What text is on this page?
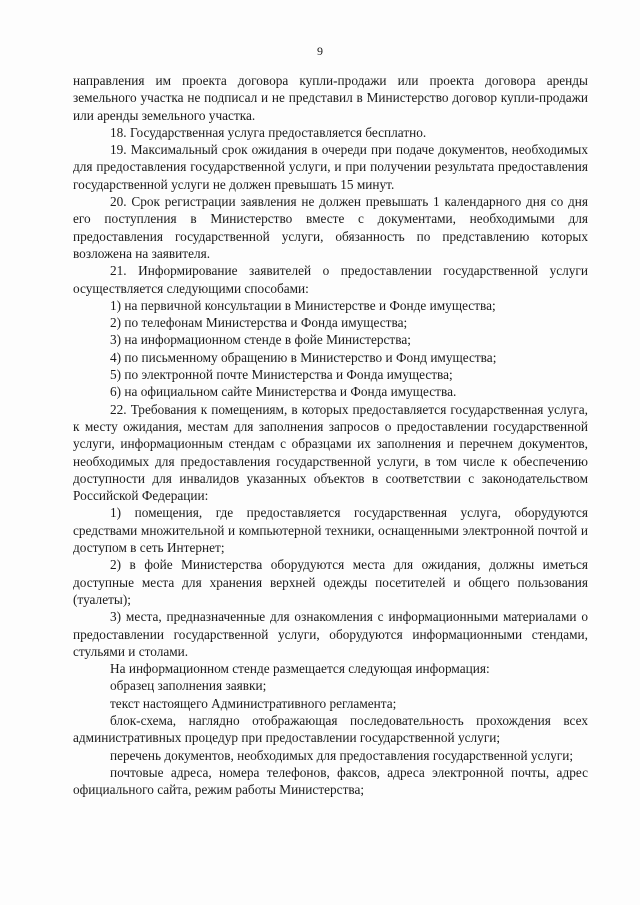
9

направления им проекта договора купли-продажи или проекта договора аренды земельного участка не подписал и не представил в Министерство договор купли-продажи или аренды земельного участка.

18. Государственная услуга предоставляется бесплатно.

19. Максимальный срок ожидания в очереди при подаче документов, необходимых для предоставления государственной услуги, и при получении результата предоставления государственной услуги не должен превышать 15 минут.

20. Срок регистрации заявления не должен превышать 1 календарного дня со дня его поступления в Министерство вместе с документами, необходимыми для предоставления государственной услуги, обязанность по представлению которых возложена на заявителя.

21. Информирование заявителей о предоставлении государственной услуги осуществляется следующими способами:

1) на первичной консультации в Министерстве и Фонде имущества;

2) по телефонам Министерства и Фонда имущества;

3) на информационном стенде в фойе Министерства;

4) по письменному обращению в Министерство и Фонд имущества;

5) по электронной почте Министерства и Фонда имущества;

6) на официальном сайте Министерства и Фонда имущества.

22. Требования к помещениям, в которых предоставляется государственная услуга, к месту ожидания, местам для заполнения запросов о предоставлении государственной услуги, информационным стендам с образцами их заполнения и перечнем документов, необходимых для предоставления государственной услуги, в том числе к обеспечению доступности для инвалидов указанных объектов в соответствии с законодательством Российской Федерации:

1) помещения, где предоставляется государственная услуга, оборудуются средствами множительной и компьютерной техники, оснащенными электронной почтой и доступом в сеть Интернет;

2) в фойе Министерства оборудуются места для ожидания, должны иметься доступные места для хранения верхней одежды посетителей и общего пользования (туалеты);

3) места, предназначенные для ознакомления с информационными материалами о предоставлении государственной услуги, оборудуются информационными стендами, стульями и столами.

На информационном стенде размещается следующая информация:

образец заполнения заявки;

текст настоящего Административного регламента;

блок-схема, наглядно отображающая последовательность прохождения всех административных процедур при предоставлении государственной услуги;

перечень документов, необходимых для предоставления государственной услуги;

почтовые адреса, номера телефонов, факсов, адреса электронной почты, адрес официального сайта, режим работы Министерства;
